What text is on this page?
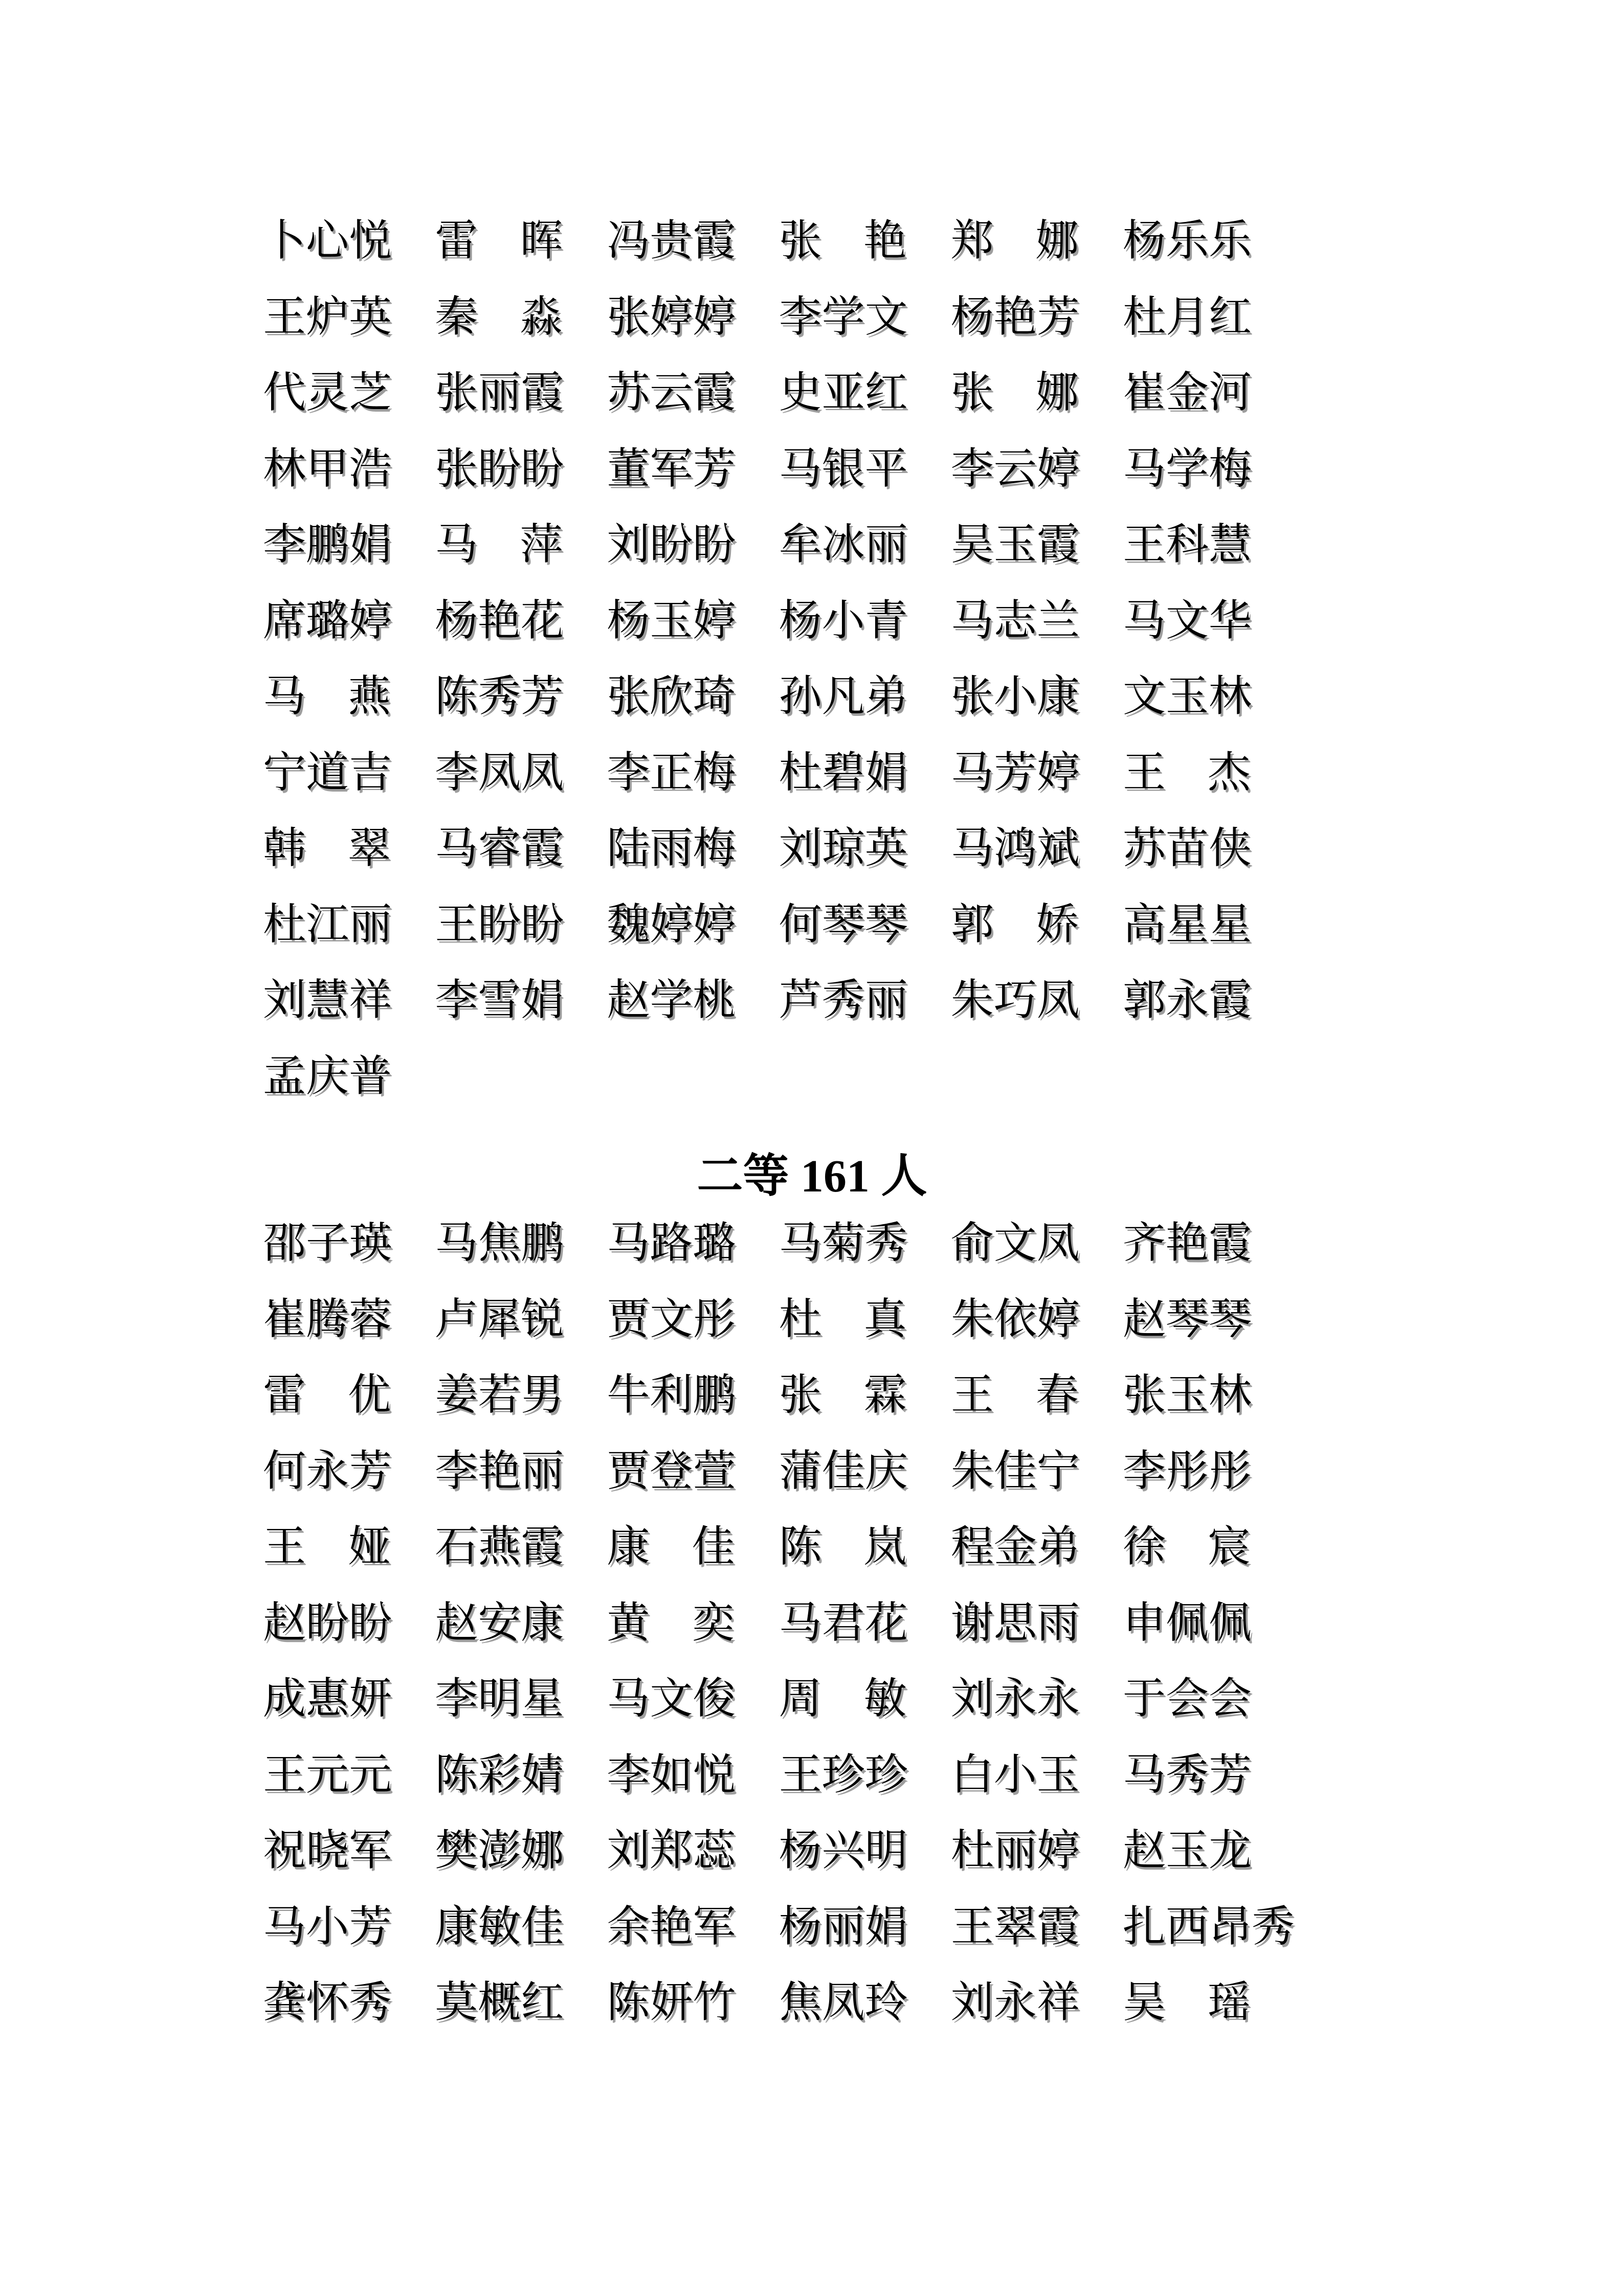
卜心悦 雷 晖 冯贵霞 张 艳 郑 娜 杨乐乐
王炉英 秦 淼 张婷婷 李学文 杨艳芳 杜月红
代灵芝 张丽霞 苏云霞 史亚红 张 娜 崔金河
林甲浩 张盼盼 董军芳 马银平 李云婷 马学梅
李鹏娟 马 萍 刘盼盼 牟冰丽 吴玉霞 王科慧
席璐婷 杨艳花 杨玉婷 杨小青 马志兰 马文华
马 燕 陈秀芳 张欣琦 孙凡弟 张小康 文玉林
宁道吉 李凤凤 李正梅 杜碧娟 马芳婷 王 杰
韩 翠 马睿霞 陆雨梅 刘琼英 马鸿斌 苏苗侠
杜江丽 王盼盼 魏婷婷 何琴琴 郭 娇 高星星
刘慧祥 李雪娟 赵学桃 芦秀丽 朱巧凤 郭永霞
孟庆普
二等 161 人
邵子瑛 马焦鹏 马路璐 马菊秀 俞文凤 齐艳霞
崔腾蓉 卢犀锐 贾文彤 杜 真 朱依婷 赵琴琴
雷 优 姜若男 牛利鹏 张 霖 王 春 张玉林
何永芳 李艳丽 贾登萱 蒲佳庆 朱佳宁 李彤彤
王 娅 石燕霞 康 佳 陈 岚 程金弟 徐 宸
赵盼盼 赵安康 黄 奕 马君花 谢思雨 申佩佩
成惠妍 李明星 马文俊 周 敏 刘永永 于会会
王元元 陈彩婧 李如悦 王珍珍 白小玉 马秀芳
祝晓军 樊澎娜 刘郑蕊 杨兴明 杜丽婷 赵玉龙
马小芳 康敏佳 余艳军 杨丽娟 王翠霞 扎西昂秀
龚怀秀 莫概红 陈妍竹 焦凤玲 刘永祥 吴 瑶
